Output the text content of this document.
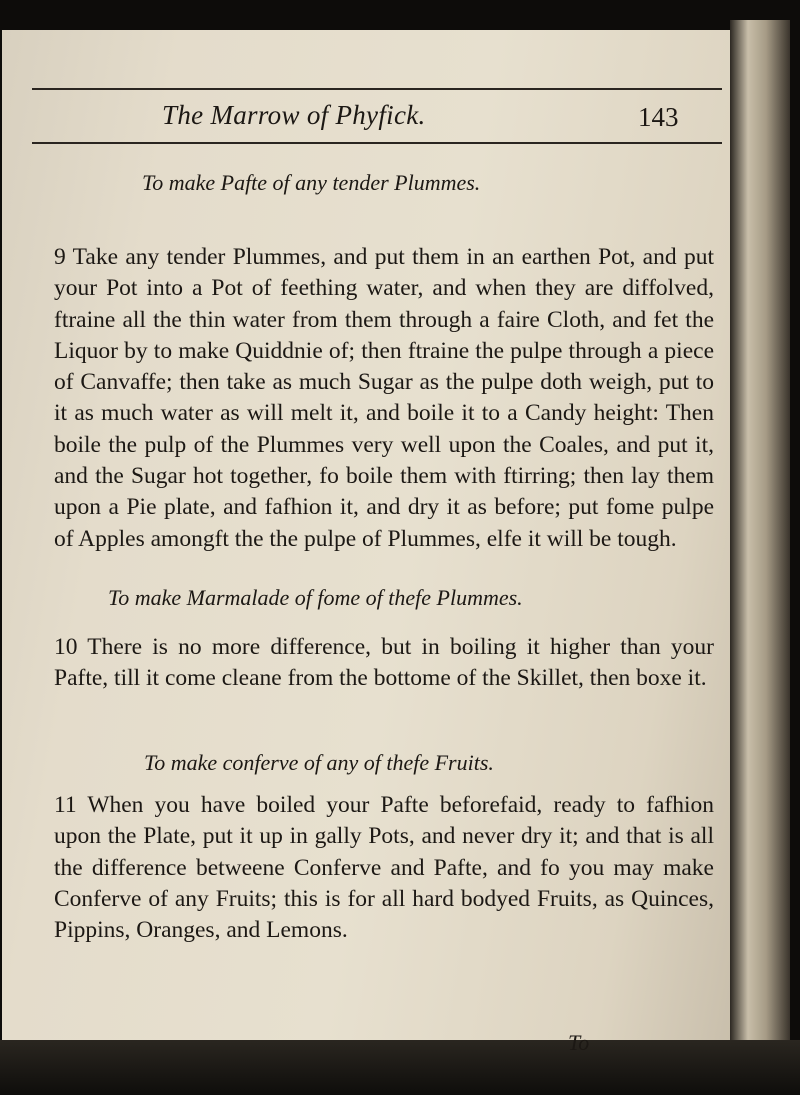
The Marrow of Phyfick.	143
To make Pafte of any tender Plummes.

9 Take any tender Plummes, and put them in an earthen Pot, and put your Pot into a Pot of feething water, and when they are diffolved, ftraine all the thin water from them through a faire Cloth, and fet the Liquor by to make Quiddnie of; then ftraine the pulpe through a piece of Canvaffe; then take as much Sugar as the pulpe doth weigh, put to it as much water as will melt it, and boile it to a Candy height: Then boile the pulp of the Plummes very well upon the Coales, and put it, and the Sugar hot together, fo boile them with ftirring; then lay them upon a Pie plate, and fafhion it, and dry it as before; put fome pulpe of Apples amongft the the pulpe of Plummes, elfe it will be tough.

To make Marmalade of fome of thefe Plummes.

10 There is no more difference, but in boiling it higher than your Pafte, till it come cleane from the bottome of the Skillet, then boxe it.

To make conferve of any of thefe Fruits.

11 When you have boiled your Pafte beforefaid, ready to fafhion upon the Plate, put it up in gally Pots, and never dry it; and that is all the difference betweene Conferve and Pafte, and fo you may make Conferve of any Fruits; this is for all hard bodyed Fruits, as Quinces, Pippins, Oranges, and Lemons.

To
